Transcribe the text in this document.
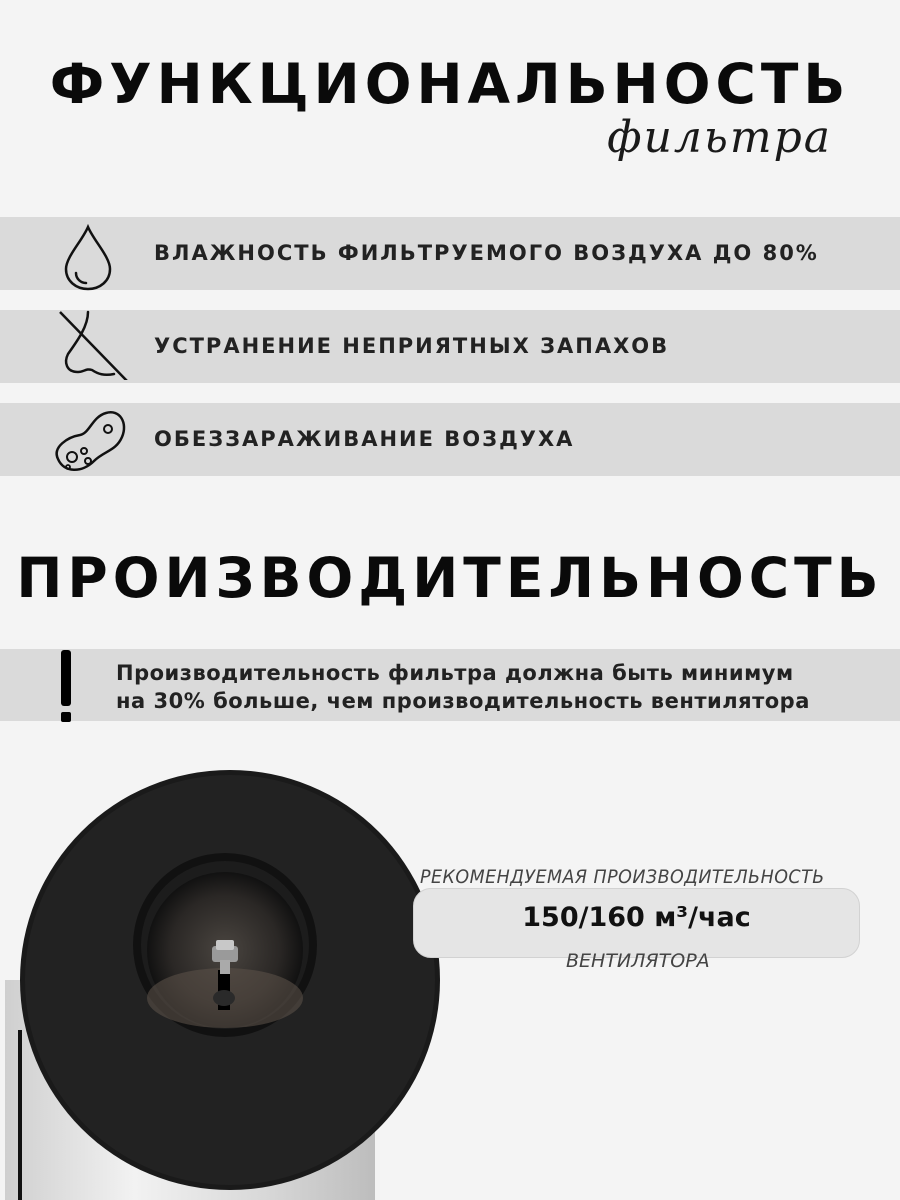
ФУНКЦИОНАЛЬНОСТЬ
фильтра
ВЛАЖНОСТЬ ФИЛЬТРУЕМОГО ВОЗДУХА ДО 80%
УСТРАНЕНИЕ НЕПРИЯТНЫХ ЗАПАХОВ
ОБЕЗЗАРАЖИВАНИЕ ВОЗДУХА
ПРОИЗВОДИТЕЛЬНОСТЬ
Производительность фильтра должна быть минимум
на 30% больше, чем производительность вентилятора
РЕКОМЕНДУЕМАЯ ПРОИЗВОДИТЕЛЬНОСТЬ
150/160 м³/час
ВЕНТИЛЯТОРА
